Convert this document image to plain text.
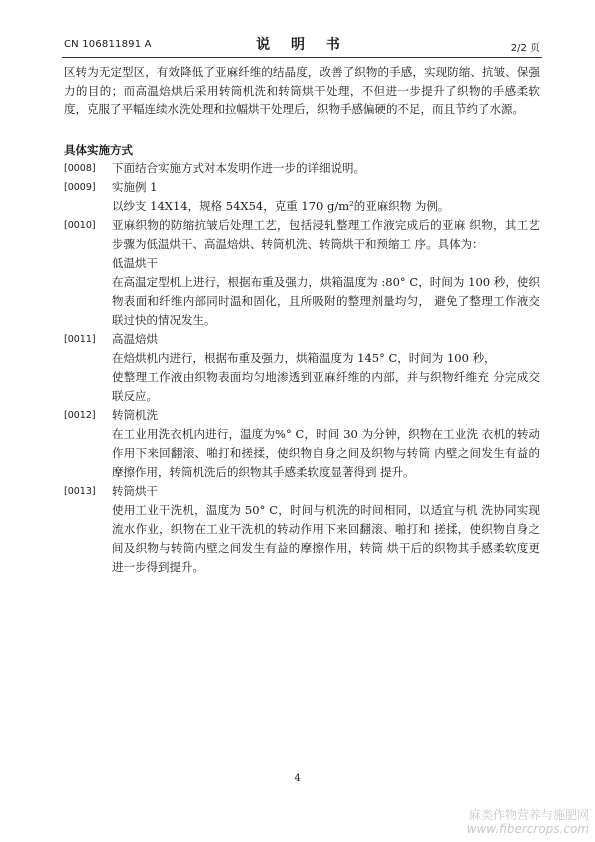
CN 106811891 A	说 明 书	2/2 页

区转为无定型区，有效降低了亚麻纤维的结晶度，改善了织物的手感，实现防缩、抗皱、保强力的目的；而高温焙烘后采用转筒机洗和转筒烘干处理，不但进一步提升了织物的手感柔软度，克服了平幅连续水洗处理和拉幅烘干处理后，织物手感偏硬的不足，而且节约了水源。

具体实施方式
[0008] 下面结合实施方式对本发明作进一步的详细说明。
[0009] 实施例 1
以纱支 14X14，规格 54X54，克重 170 g/m²的亚麻织物 为例。
[0010] 亚麻织物的防缩抗皱后处理工艺，包括浸轧整理工作液完成后的亚麻 织物，其工艺步骤为低温烘干、高温焙烘、转筒机洗、转筒烘干和预缩工 序。具体为：
低温烘干
在高温定型机上进行，根据布重及强力，烘箱温度为 :80° C，时间为 100 秒，使织物表面和纤维内部同时温和固化，且所吸附的整理剂量均匀， 避免了整理工作液交联过快的情况发生。
[0011] 高温焙烘
在焙烘机内进行，根据布重及强力，烘箱温度为 145° C，时间为 100 秒，
使整理工作液由织物表面均匀地渗透到亚麻纤维的内部，并与织物纤维充 分完成交联反应。
[0012] 转筒机洗
在工业用洗衣机内进行，温度为%° C，时间 30 为分钟，织物在工业洗 衣机的转动作用下来回翻滚、啪打和搓揉，使织物自身之间及织物与转筒 内壁之间发生有益的摩擦作用，转筒机洗后的织物其手感柔软度显著得到 提升。
[0013] 转筒烘干
使用工业干洗机，温度为 50° C，时间与机洗的时间相同，以适宜与机 洗协同实现流水作业，织物在工业干洗机的转动作用下来回翻滚、啪打和 搓揉，使织物自身之间及织物与转筒内壁之间发生有益的摩擦作用，转筒 烘干后的织物其手感柔软度更进一步得到提升。
4
麻类作物营养与施肥网
www.fibercrops.com
